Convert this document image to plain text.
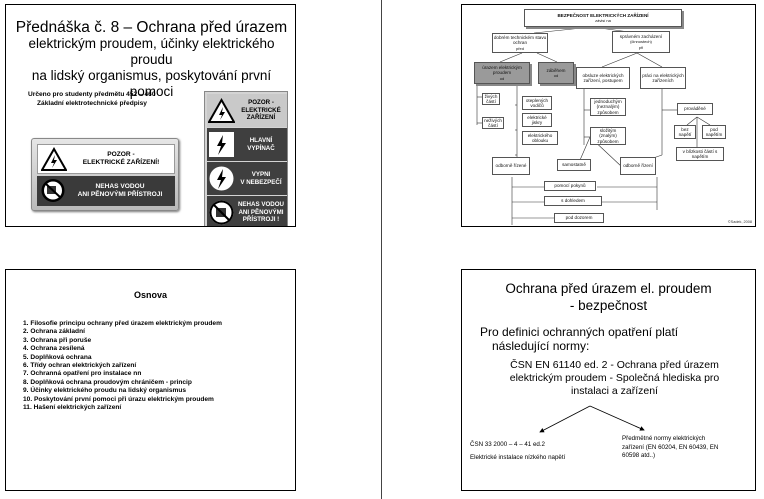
Přednáška č. 8 – Ochrana před úrazem
elektrickým proudem, účinky elektrického proudu
na lidský organismus, poskytování první pomoci
Určeno pro studenty předmětu 452 – 460
Základní elektrotechnické předpisy
POZOR -
ELEKTRICKÉ ZAŘÍZENÍ!
NEHAS VODOU
ANI PĚNOVÝMI PŘÍSTROJI
POZOR -
ELEKTRICKÉ
ZAŘÍZENÍ
HLAVNÍ
VYPÍNAČ
VYPNI
V NEBEZPEČÍ
NEHAS VODOU
ANI PĚNOVÝMI
PŘÍSTROJI !
BEZPEČNOST ELEKTRICKÝCH ZAŘÍZENÍ
závisí na
dobrém technickém stavu ochran
před
správném zacházení
(činnostech)
při
úrazem elektrickým proudem
od
záběhem
od	obsluze elektrických zařízení, postupem
práci na elektrických zařízeních
živých částí
neživých částí
oteplených vodičů
elektrické jiskry
elektrického oblouku
jednoduchým (neznalým) způsobem
složitým (znalým) způsobem
prováděné
bez napětí
pod napětím
v blízkosti částí s napětím
odborně řízené	samostatně	odborně řízení
pomocí pokynů
s dohledem
pod dozorem
©Sadek, 2008
Osnova
1. Filosofie principu ochrany před úrazem elektrickým proudem
2. Ochrana základní
3. Ochrana při poruše
4. Ochrana zesílená
5. Doplňková ochrana
6. Třídy ochran elektrických zařízení
7. Ochranná opatření pro instalace nn
8. Doplňková ochrana proudovým chráničem - princip
9. Účinky elektrického proudu na lidský organismus
10. Poskytování první pomoci při úrazu elektrickým proudem
11. Hašení elektrických zařízení
Ochrana před úrazem el. proudem
- bezpečnost
Pro definici ochranných opatření platí
následující normy:
ČSN EN 61140 ed. 2 - Ochrana před úrazem
elektrickým proudem - Společná hlediska pro
instalaci a zařízení
ČSN 33 2000 – 4 – 41 ed.2
Elektrické instalace nízkého napětí
Předmětné normy elektrických
zařízení (EN 60204, EN 60439, EN
60598 atd..)
